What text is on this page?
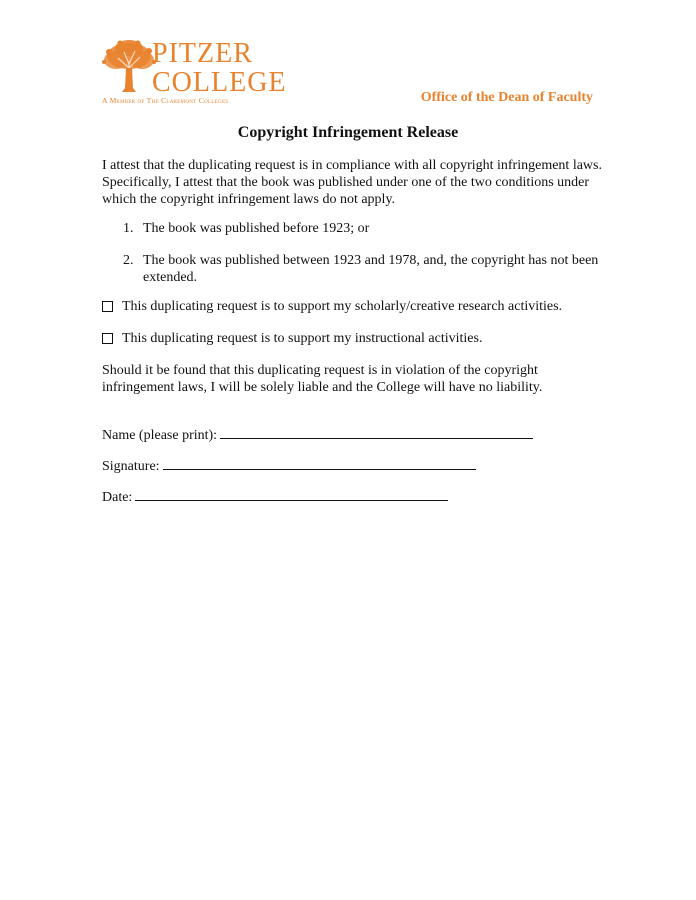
PITZER
COLLEGE
A Member of The Claremont Colleges	Office of the Dean of Faculty
Copyright Infringement Release
I attest that the duplicating request is in compliance with all copyright infringement laws. Specifically, I attest that the book was published under one of the two conditions under which the copyright infringement laws do not apply.
1. The book was published before 1923; or
2. The book was published between 1923 and 1978, and, the copyright has not been extended.
This duplicating request is to support my scholarly/creative research activities.
This duplicating request is to support my instructional activities.
Should it be found that this duplicating request is in violation of the copyright infringement laws, I will be solely liable and the College will have no liability.
Name (please print):
Signature:
Date:
